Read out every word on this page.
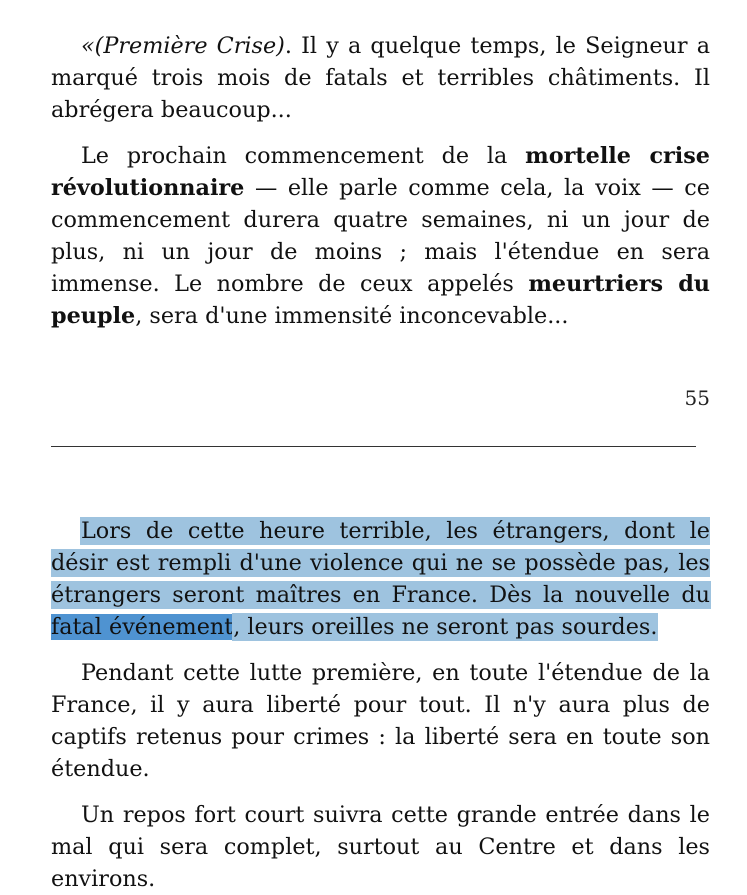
«(Première Crise). Il y a quelque temps, le Seigneur a marqué trois mois de fatals et terribles châtiments. Il abrégera beaucoup...

Le prochain commencement de la mortelle crise révolutionnaire — elle parle comme cela, la voix — ce commencement durera quatre semaines, ni un jour de plus, ni un jour de moins ; mais l'étendue en sera immense. Le nombre de ceux appelés meurtriers du peuple, sera d'une immensité inconcevable...

55

Lors de cette heure terrible, les étrangers, dont le désir est rempli d'une violence qui ne se possède pas, les étrangers seront maîtres en France. Dès la nouvelle du fatal événement, leurs oreilles ne seront pas sourdes.

Pendant cette lutte première, en toute l'étendue de la France, il y aura liberté pour tout. Il n'y aura plus de captifs retenus pour crimes : la liberté sera en toute son étendue.

Un repos fort court suivra cette grande entrée dans le mal qui sera complet, surtout au Centre et dans les environs.
